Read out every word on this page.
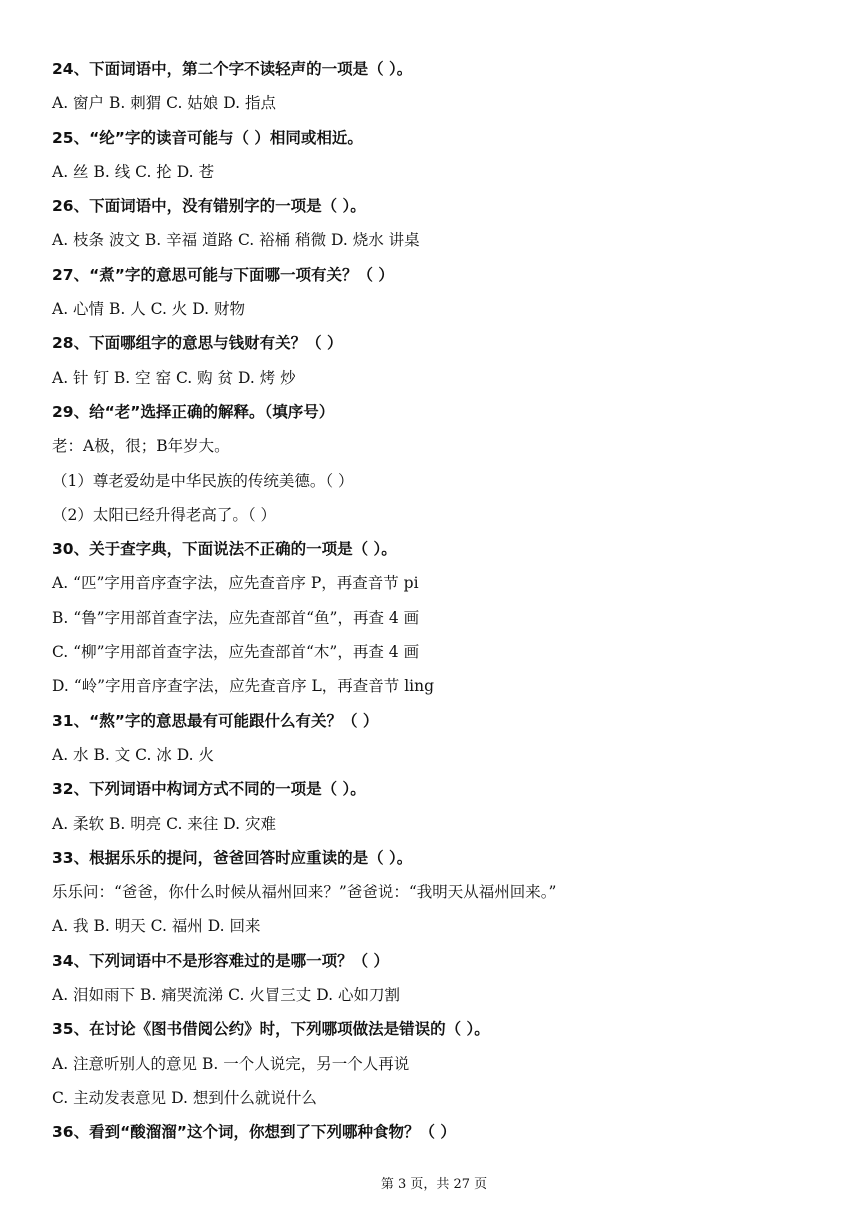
24、下面词语中，第二个字不读轻声的一项是（ ）。
A. 窗户 B. 刺猬 C. 姑娘 D. 指点
25、“纶”字的读音可能与（ ）相同或相近。
A. 丝 B. 线 C. 抡 D. 苍
26、下面词语中，没有错别字的一项是（ ）。
A. 枝条 波文 B. 辛福 道路 C. 裕桶 稍微 D. 烧水 讲桌
27、“煮”字的意思可能与下面哪一项有关？（ ）
A. 心情 B. 人 C. 火 D. 财物
28、下面哪组字的意思与钱财有关？（ ）
A. 针 钉 B. 空 窑 C. 购 贫 D. 烤 炒
29、给“老”选择正确的解释。（填序号）
老：A极，很；B年岁大。
（1）尊老爱幼是中华民族的传统美德。（ ）
（2）太阳已经升得老高了。（ ）
30、关于查字典，下面说法不正确的一项是（ ）。
A. “匹”字用音序查字法，应先查音序 P，再查音节 pi
B. “鲁”字用部首查字法，应先查部首“鱼”，再查 4 画
C. “柳”字用部首查字法，应先查部首“木”，再查 4 画
D. “岭”字用音序查字法，应先查音序 L，再查音节 ling
31、“熬”字的意思最有可能跟什么有关？（ ）
A. 水 B. 文 C. 冰 D. 火
32、下列词语中构词方式不同的一项是（ ）。
A. 柔软 B. 明亮 C. 来往 D. 灾难
33、根据乐乐的提问，爸爸回答时应重读的是（ ）。
乐乐问：“爸爸，你什么时候从福州回来？”爸爸说：“我明天从福州回来。”
A. 我 B. 明天 C. 福州 D. 回来
34、下列词语中不是形容难过的是哪一项？（ ）
A. 泪如雨下 B. 痛哭流涕 C. 火冒三丈 D. 心如刀割
35、在讨论《图书借阅公约》时，下列哪项做法是错误的（ ）。
A. 注意听别人的意见 B. 一个人说完，另一个人再说
C. 主动发表意见 D. 想到什么就说什么
36、看到“酸溜溜”这个词，你想到了下列哪种食物？（ ）
第 3 页，共 27 页
